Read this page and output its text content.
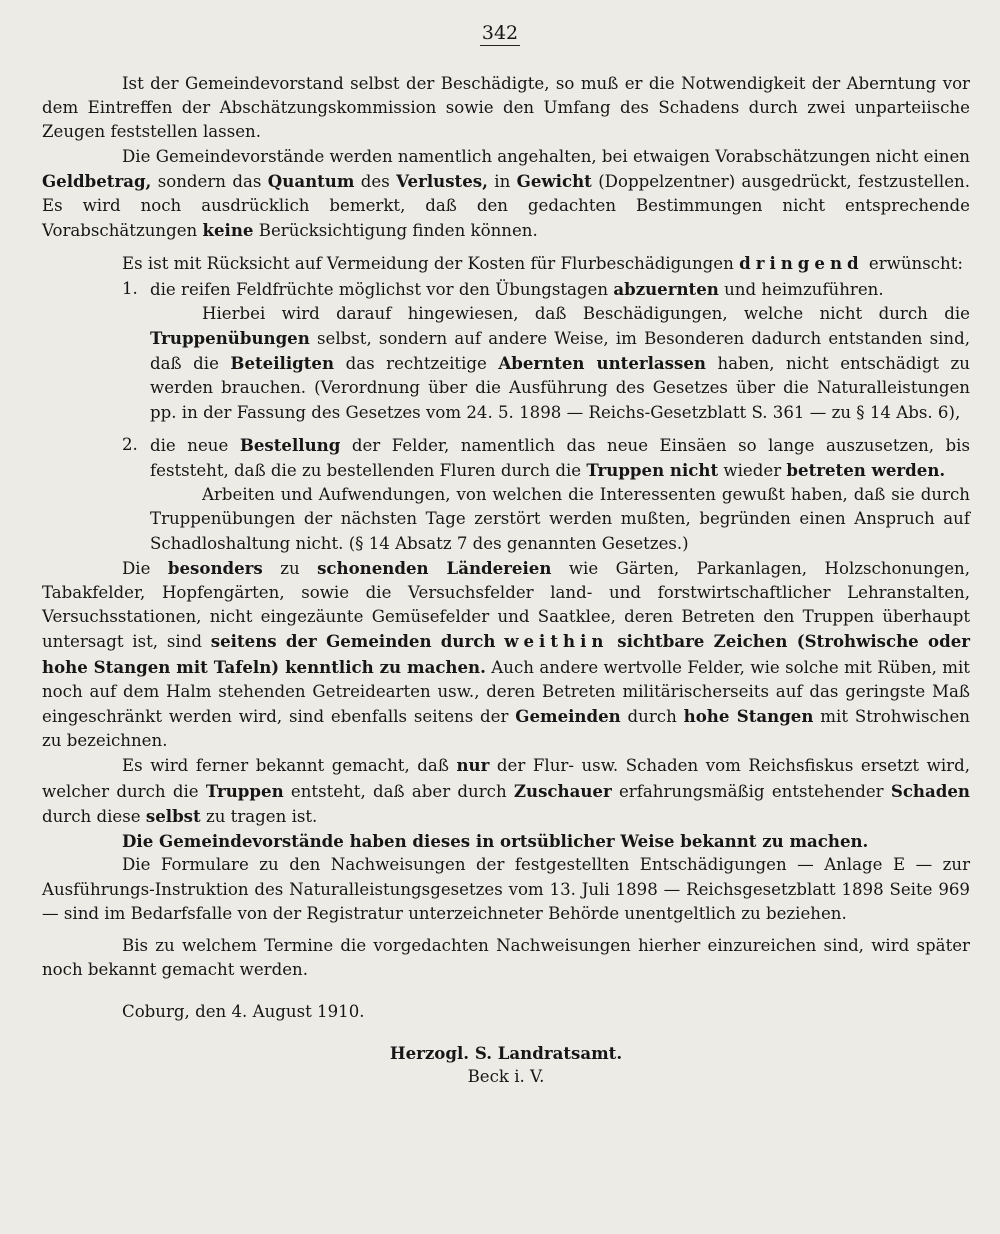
342

Ist der Gemeindevorstand selbst der Beschädigte, so muß er die Notwendigkeit der Aberntung vor dem Eintreffen der Abschätzungskommission sowie den Umfang des Schadens durch zwei unparteiische Zeugen feststellen lassen.

Die Gemeindevorstände werden namentlich angehalten, bei etwaigen Vorabschätzungen nicht einen Geldbetrag, sondern das Quantum des Verlustes, in Gewicht (Doppelzentner) ausgedrückt, festzustellen. Es wird noch ausdrücklich bemerkt, daß den gedachten Bestimmungen nicht entsprechende Vorabschätzungen keine Berücksichtigung finden können.

Es ist mit Rücksicht auf Vermeidung der Kosten für Flurbeschädigungen dringend erwünscht:

1. die reifen Feldfrüchte möglichst vor den Übungstagen abzuernten und heimzuführen.

Hierbei wird darauf hingewiesen, daß Beschädigungen, welche nicht durch die Truppenübungen selbst, sondern auf andere Weise, im Besonderen dadurch entstanden sind, daß die Beteiligten das rechtzeitige Abernten unterlassen haben, nicht entschädigt zu werden brauchen. (Verordnung über die Ausführung des Gesetzes über die Naturalleistungen pp. in der Fassung des Gesetzes vom 24. 5. 1898 — Reichs-Gesetzblatt S. 361 — zu § 14 Abs. 6),

2. die neue Bestellung der Felder, namentlich das neue Einsäen so lange auszusetzen, bis feststeht, daß die zu bestellenden Fluren durch die Truppen nicht wieder betreten werden.

Arbeiten und Aufwendungen, von welchen die Interessenten gewußt haben, daß sie durch Truppenübungen der nächsten Tage zerstört werden mußten, begründen einen Anspruch auf Schadloshaltung nicht. (§ 14 Absatz 7 des genannten Gesetzes.)

Die besonders zu schonenden Ländereien wie Gärten, Parkanlagen, Holzschonungen, Tabakfelder, Hopfengärten, sowie die Versuchsfelder land- und forstwirtschaftlicher Lehranstalten, Versuchsstationen, nicht eingezäunte Gemüsefelder und Saatklee, deren Betreten den Truppen überhaupt untersagt ist, sind seitens der Gemeinden durch weithin sichtbare Zeichen (Strohwische oder hohe Stangen mit Tafeln) kenntlich zu machen. Auch andere wertvolle Felder, wie solche mit Rüben, mit noch auf dem Halm stehenden Getreidearten usw., deren Betreten militärischerseits auf das geringste Maß eingeschränkt werden wird, sind ebenfalls seitens der Gemeinden durch hohe Stangen mit Strohwischen zu bezeichnen.

Es wird ferner bekannt gemacht, daß nur der Flur- usw. Schaden vom Reichsfiskus ersetzt wird, welcher durch die Truppen entsteht, daß aber durch Zuschauer erfahrungsmäßig entstehender Schaden durch diese selbst zu tragen ist.

Die Gemeindevorstände haben dieses in ortsüblicher Weise bekannt zu machen.

Die Formulare zu den Nachweisungen der festgestellten Entschädigungen — Anlage E — zur Ausführungs-Instruktion des Naturalleistungsgesetzes vom 13. Juli 1898 — Reichsgesetzblatt 1898 Seite 969 — sind im Bedarfsfalle von der Registratur unterzeichneter Behörde unentgeltlich zu beziehen.

Bis zu welchem Termine die vorgedachten Nachweisungen hierher einzureichen sind, wird später noch bekannt gemacht werden.

Coburg, den 4. August 1910.

Herzogl. S. Landratsamt.

Beck i. V.
